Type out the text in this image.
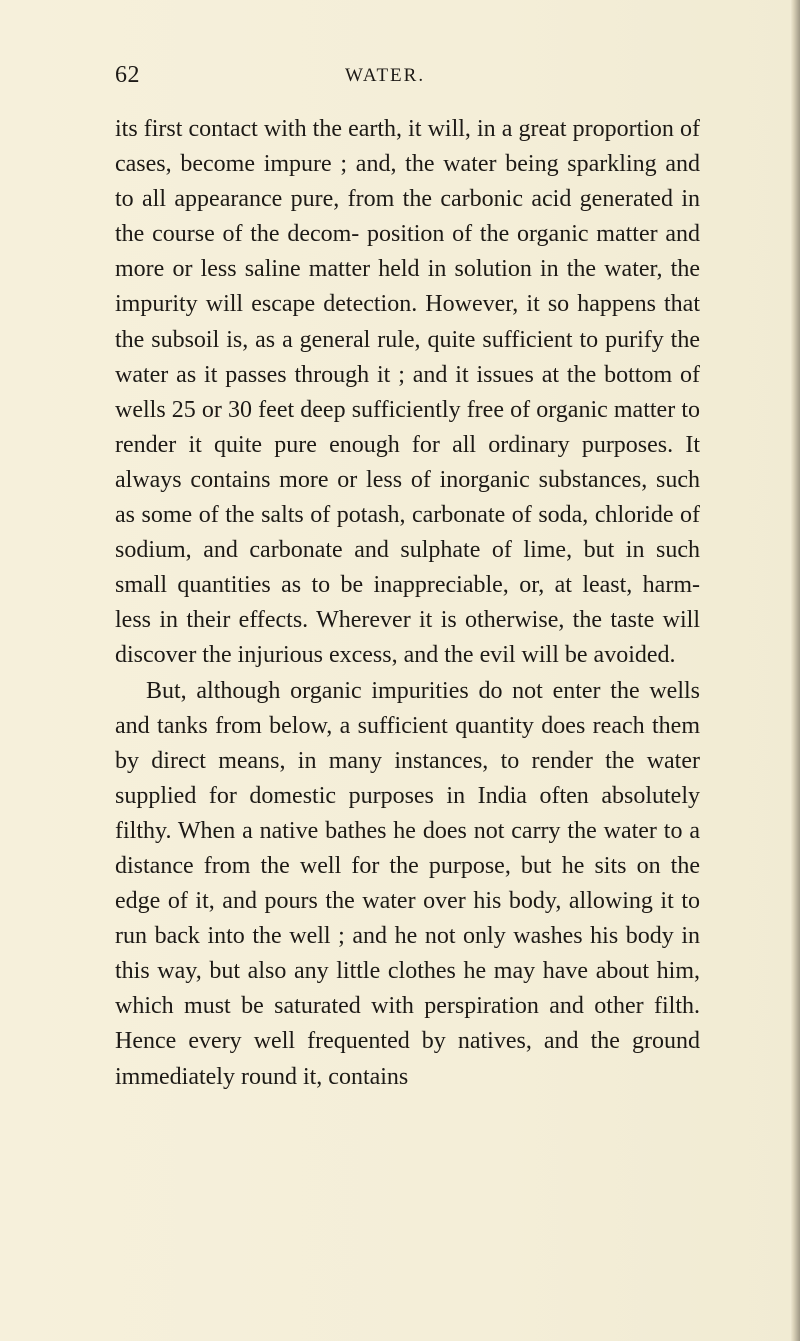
62	WATER.

its first contact with the earth, it will, in a great proportion of cases, become impure ; and, the water being sparkling and to all appearance pure, from the carbonic acid generated in the course of the decom- position of the organic matter and more or less saline matter held in solution in the water, the impurity will escape detection. However, it so happens that the subsoil is, as a general rule, quite sufficient to purify the water as it passes through it ; and it issues at the bottom of wells 25 or 30 feet deep sufficiently free of organic matter to render it quite pure enough for all ordinary purposes. It always contains more or less of inorganic substances, such as some of the salts of potash, carbonate of soda, chloride of sodium, and carbonate and sulphate of lime, but in such small quantities as to be inappreciable, or, at least, harm- less in their effects. Wherever it is otherwise, the taste will discover the injurious excess, and the evil will be avoided.

But, although organic impurities do not enter the wells and tanks from below, a sufficient quantity does reach them by direct means, in many instances, to render the water supplied for domestic purposes in India often absolutely filthy. When a native bathes he does not carry the water to a distance from the well for the purpose, but he sits on the edge of it, and pours the water over his body, allowing it to run back into the well ; and he not only washes his body in this way, but also any little clothes he may have about him, which must be saturated with perspiration and other filth. Hence every well frequented by natives, and the ground immediately round it, contains
